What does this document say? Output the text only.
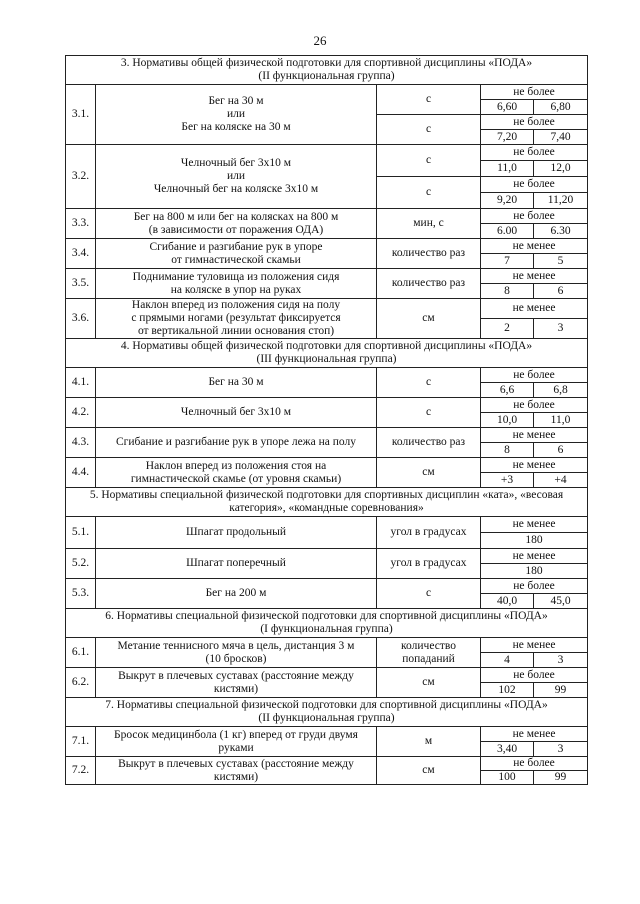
26
3. Нормативы общей физической подготовки для спортивной дисциплины «ПОДА»
(II функциональная группа)				

3.1.	Бег на 30 м
или
Бег на коляске на 30 м	с	не более	
			6,60	6,80
		с	не более	
			7,20	7,40
3.2.	Челночный бег 3х10 м
или
Челночный бег на коляске 3х10 м	с	не более	
			11,0	12,0
		с	не более	
			9,20	11,20
3.3.	Бег на 800 м или бег на колясках на 800 м
(в зависимости от поражения ОДА)	мин, с	не более	
			6.00	6.30
3.4.	Сгибание и разгибание рук в упоре
от гимнастической скамьи	количество раз	не менее	
			7	5
3.5.	Поднимание туловища из положения сидя
на коляске в упор на руках	количество раз	не менее	
			8	6
3.6.	Наклон вперед из положения сидя на полу
с прямыми ногами (результат фиксируется
от вертикальной линии основания стоп)	см	не менее	
			2	3

4. Нормативы общей физической подготовки для спортивной дисциплины «ПОДА»
(III функциональная группа)				

4.1.	Бег на 30 м	с	не более	
			6,6	6,8
4.2.	Челночный бег 3х10 м	с	не более	
			10,0	11,0
4.3.	Сгибание и разгибание рук в упоре лежа на полу	количество раз	не менее	
			8	6
4.4.	Наклон вперед из положения стоя на
гимнастической скамье (от уровня скамьи)	см	не менее	
			+3	+4

5. Нормативы специальной физической подготовки для спортивных дисциплин «ката», «весовая категория», «командные соревнования»				

5.1.	Шпагат продольный	угол в градусах	не менее	
			180	
5.2.	Шпагат поперечный	угол в градусах	не менее	
			180	
5.3.	Бег на 200 м	с	не более	
			40,0	45,0

6. Нормативы специальной физической подготовки для спортивной дисциплины «ПОДА»
(I функциональная группа)				

6.1.	Метание теннисного мяча в цель, дистанция 3 м
(10 бросков)	количество попаданий	не менее	
			4	3
6.2.	Выкрут в плечевых суставах (расстояние между
кистями)	см	не более	
			102	99

7. Нормативы специальной физической подготовки для спортивной дисциплины «ПОДА»
(II функциональная группа)				

7.1.	Бросок медицинбола (1 кг) вперед от груди двумя
руками	м	не менее	
			3,40	3
7.2.	Выкрут в плечевых суставах (расстояние между
кистями)	см	не более	
			100	99
